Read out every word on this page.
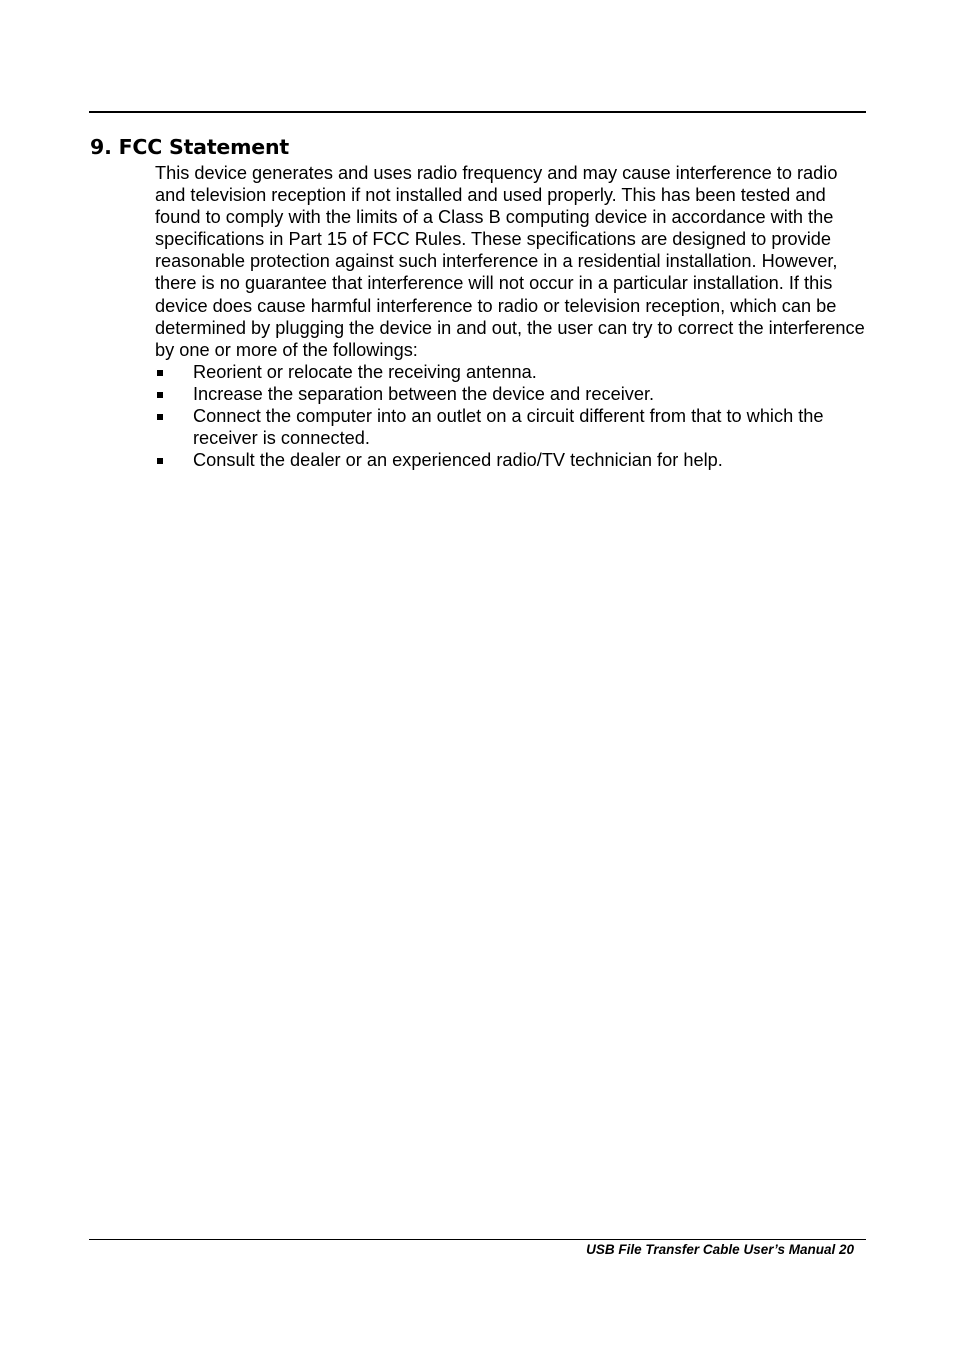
9. FCC Statement

This device generates and uses radio frequency and may cause interference to radio and television reception if not installed and used properly. This has been tested and found to comply with the limits of a Class B computing device in accordance with the specifications in Part 15 of FCC Rules. These specifications are designed to provide reasonable protection against such interference in a residential installation. However, there is no guarantee that interference will not occur in a particular installation. If this device does cause harmful interference to radio or television reception, which can be determined by plugging the device in and out, the user can try to correct the interference by one or more of the followings:

Reorient or relocate the receiving antenna.
Increase the separation between the device and receiver.
Connect the computer into an outlet on a circuit different from that to which the receiver is connected.
Consult the dealer or an experienced radio/TV technician for help.
USB File Transfer Cable User’s Manual 20
